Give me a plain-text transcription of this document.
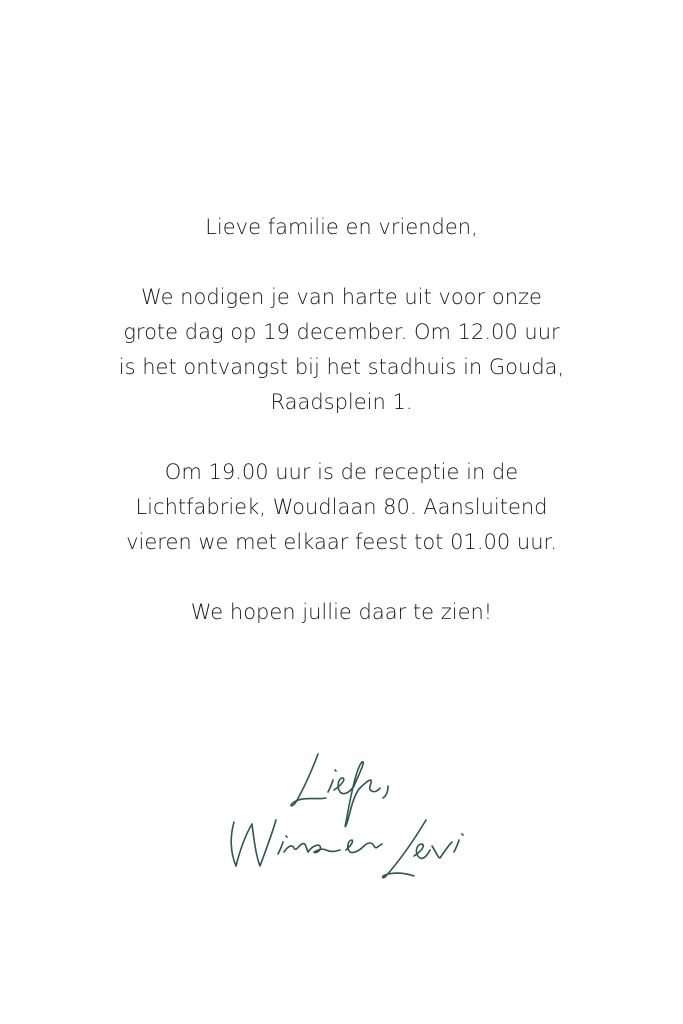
Lieve familie en vrienden,

We nodigen je van harte uit voor onze
grote dag op 19 december. Om 12.00 uur
is het ontvangst bij het stadhuis in Gouda,
Raadsplein 1.

Om 19.00 uur is de receptie in de
Lichtfabriek, Woudlaan 80. Aansluitend
vieren we met elkaar feest tot 01.00 uur.

We hopen jullie daar te zien!
